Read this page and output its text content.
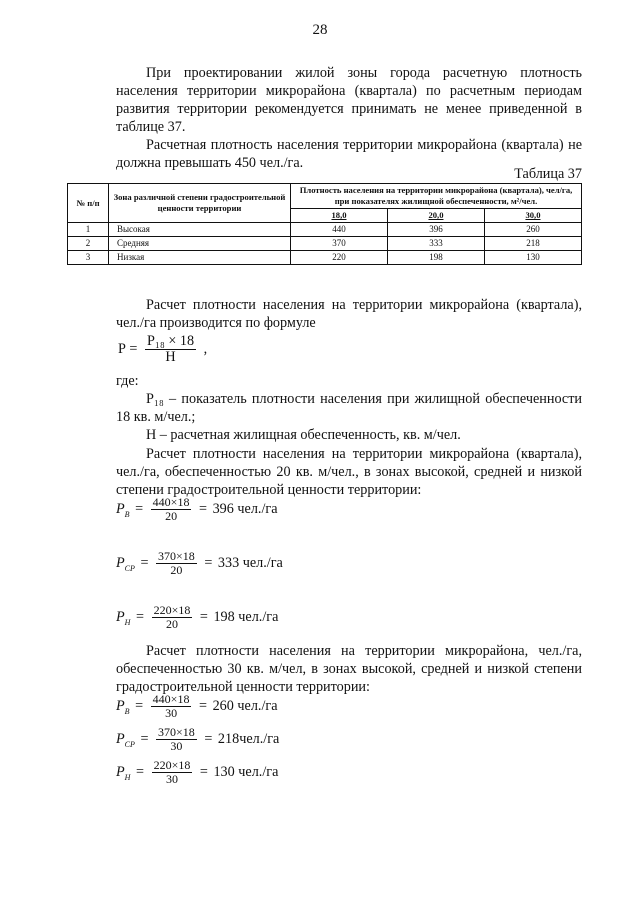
28
При проектировании жилой зоны города расчетную плотность населения территории микрорайона (квартала) по расчетным периодам развития территории рекомендуется принимать не менее приведенной в таблице 37.
Расчетная плотность населения территории микрорайона (квартала) не должна превышать 450 чел./га.
Таблица 37
№ п/п	Зона различной степени градостроительной ценности территории	Плотность населения на территории микрорайона (квартала), чел/га, при показателях жилищной обеспеченности, м²/чел.		
		18,0	20,0	30,0
1	Высокая	440	396	260
2	Средняя	370	333	218
3	Низкая	220	198	130
Расчет плотности населения на территории микрорайона (квартала), чел./га производится по формуле
$Р = \frac{\text{Р₁₈ × 18}}{Н}$ ,
где:
Р₁₈ – показатель плотности населения при жилищной обеспеченности 18 кв. м/чел.;
Н – расчетная жилищная обеспеченность, кв. м/чел.
Расчет плотности населения на территории микрорайона (квартала), чел./га, обеспеченностью 20 кв. м/чел., в зонах высокой, средней и низкой степени градостроительной ценности территории:
$Р_В = \frac{440\times 18}{20} = 396$ чел./га
$Р_{СР} = \frac{370\times 18}{20} = 333$ чел./га
$Р_Н = \frac{220\times 18}{20} = 198$ чел./га
Расчет плотности населения на территории микрорайона, чел./га, обеспеченностью 30 кв. м/чел, в зонах высокой, средней и низкой степени градостроительной ценности территории:
$Р_В = \frac{440\times 18}{30} = 260$ чел./га
$Р_{СР} = \frac{370\times 18}{30} = 218чел./га$
$Р_Н = \frac{220\times 18}{30} = 130$ чел./га
